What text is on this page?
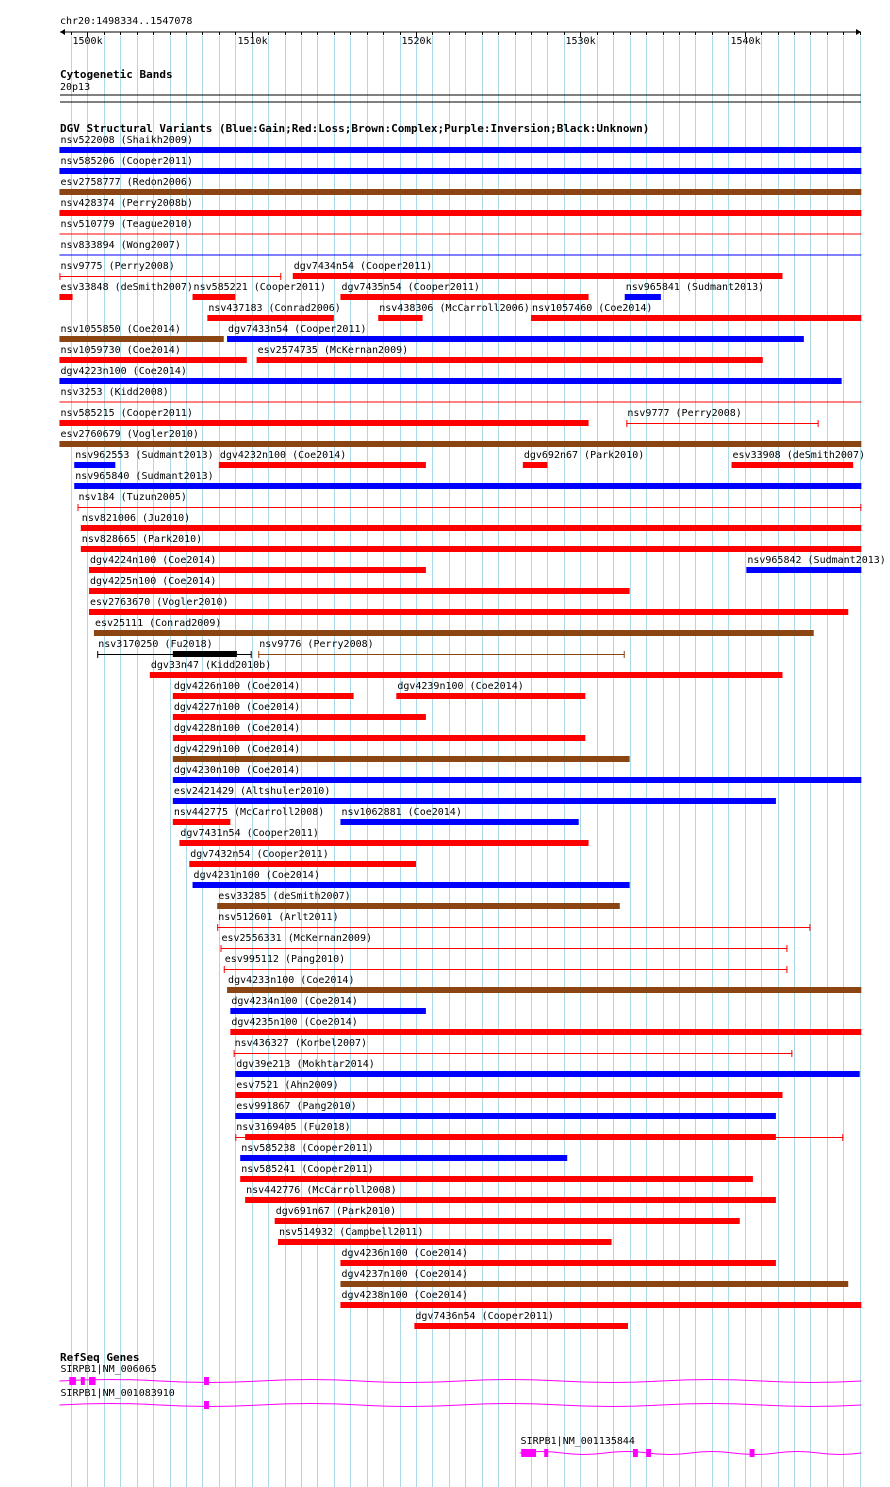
chr20:1498334..1547078
1500k	1510k	1520k	1530k	1540k
Cytogenetic Bands
20p13
DGV Structural Variants (Blue:Gain;Red:Loss;Brown:Complex;Purple:Inversion;Black:Unknown)
nsv522008 (Shaikh2009)
nsv585206 (Cooper2011)
esv2758777 (Redon2006)
nsv428374 (Perry2008b)
nsv510779 (Teague2010)
nsv833894 (Wong2007)
nsv9775 (Perry2008)	dgv7434n54 (Cooper2011)
esv33848 (deSmith2007) nsv585221 (Cooper2011) dgv7435n54 (Cooper2011)	nsv965841 (Sudmant2013)
nsv437183 (Conrad2006)	nsv438306 (McCarroll2006) nsv1057460 (Coe2014)
nsv1055850 (Coe2014)	dgv7433n54 (Cooper2011)
nsv1059730 (Coe2014)	esv2574735 (McKernan2009)
dgv4223n100 (Coe2014)
nsv3253 (Kidd2008)
nsv585215 (Cooper2011)	nsv9777 (Perry2008)
esv2760679 (Vogler2010)
nsv962553 (Sudmant2013) dgv4232n100 (Coe2014)	dgv692n67 (Park2010)	esv33908 (deSmith2007)
nsv965840 (Sudmant2013)
nsv184 (Tuzun2005)
nsv821006 (Ju2010)
nsv828665 (Park2010)
dgv4224n100 (Coe2014)	nsv965842 (Sudmant2013)
dgv4225n100 (Coe2014)
esv2763670 (Vogler2010)
esv25111 (Conrad2009)
nsv3170250 (Fu2018)	nsv9776 (Perry2008)
dgv33n47 (Kidd2010b)
dgv4226n100 (Coe2014)	dgv4239n100 (Coe2014)
dgv4227n100 (Coe2014)
dgv4228n100 (Coe2014)
dgv4229n100 (Coe2014)
dgv4230n100 (Coe2014)
esv2421429 (Altshuler2010)
nsv442775 (McCarroll2008) nsv1062881 (Coe2014)
dgv7431n54 (Cooper2011)
dgv7432n54 (Cooper2011)
dgv4231n100 (Coe2014)
esv33285 (deSmith2007)
nsv512601 (Arlt2011)
esv2556331 (McKernan2009)
esv995112 (Pang2010)
dgv4233n100 (Coe2014)
dgv4234n100 (Coe2014)
dgv4235n100 (Coe2014)
nsv436327 (Korbel2007)
dgv39e213 (Mokhtar2014)
esv7521 (Ahn2009)
esv991867 (Pang2010)
nsv3169405 (Fu2018)
nsv585238 (Cooper2011)
nsv585241 (Cooper2011)
nsv442776 (McCarroll2008)
dgv691n67 (Park2010)
nsv514932 (Campbell2011)
dgv4236n100 (Coe2014)
dgv4237n100 (Coe2014)
dgv4238n100 (Coe2014)
dgv7436n54 (Cooper2011)
RefSeq Genes
SIRPB1|NM_006065
SIRPB1|NM_001083910
SIRPB1|NM_001135844
